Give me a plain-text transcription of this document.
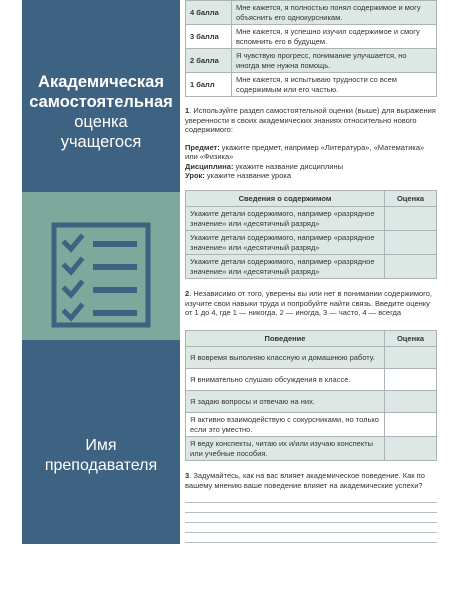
Академическая
самостоятельная
оценка
учащегося
Имя
преподавателя
4 балла	Мне кажется, я полностью понял содержимое и могу объяснить его однокурсникам.
3 балла	Мне кажется, я успешно изучил содержимое и смогу вспомнить его в будущем.
2 балла	Я чувствую прогресс, понимание улучшается, но иногда мне нужна помощь.
1 балл	Мне кажется, я испытываю трудности со всем содержимым или его частью.

1. Используйте раздел самостоятельной оценки (выше) для выражения уверенности в своих академических знаниях относительно нового содержимого:

Предмет: укажите предмет, например «Литература», «Математика» или «Физика»

Дисциплина: укажите название дисциплины

Урок: укажите название урока

Сведения о содержимом	Оценка
Укажите детали содержимого, например «разрядное значение» или «десятичный разряд»	
Укажите детали содержимого, например «разрядное значение» или «десятичный разряд»	
Укажите детали содержимого, например «разрядное значение» или «десятичный разряд»	

2. Независимо от того, уверены вы или нет в понимании содержимого, изучите свои навыки труда и попробуйте найти связь. Введите оценку от 1 до 4, где 1 — никогда, 2 — иногда, 3 — часто, 4 — всегда

Поведение	Оценка
Я вовремя выполняю классную и домашнюю работу.	
Я внимательно слушаю обсуждения в классе.	
Я задаю вопросы и отвечаю на них.	
Я активно взаимодействую с сокурсниками, но только если это уместно.	
Я веду конспекты, читаю их и/или изучаю конспекты или учебные пособия.	

3. Задумайтесь, как на вас влияет академическое поведение. Как по вашему мнению ваше поведение влияет на академические успехи?
